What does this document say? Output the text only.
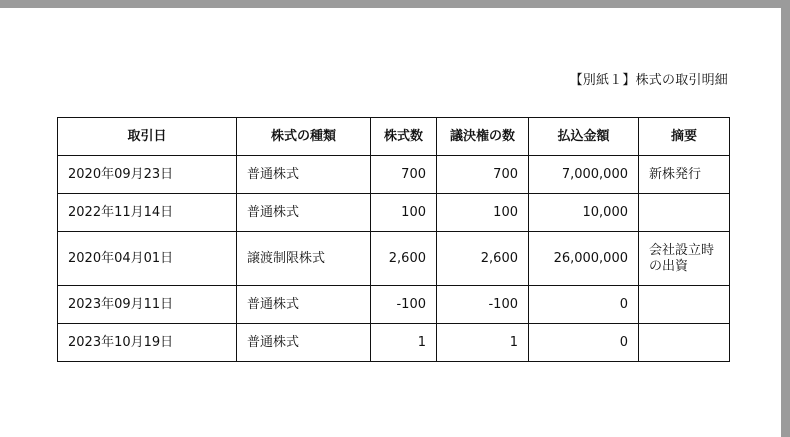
【別紙１】株式の取引明細
取引日	株式の種類	株式数	議決権の数	払込金額	摘要
2020年09月23日	普通株式	700	700	7,000,000	新株発行
2022年11月14日	普通株式	100	100	10,000	
2020年04月01日	譲渡制限株式	2,600	2,600	26,000,000	会社設立時の出資
2023年09月11日	普通株式	-100	-100	0	
2023年10月19日	普通株式	1	1	0	
